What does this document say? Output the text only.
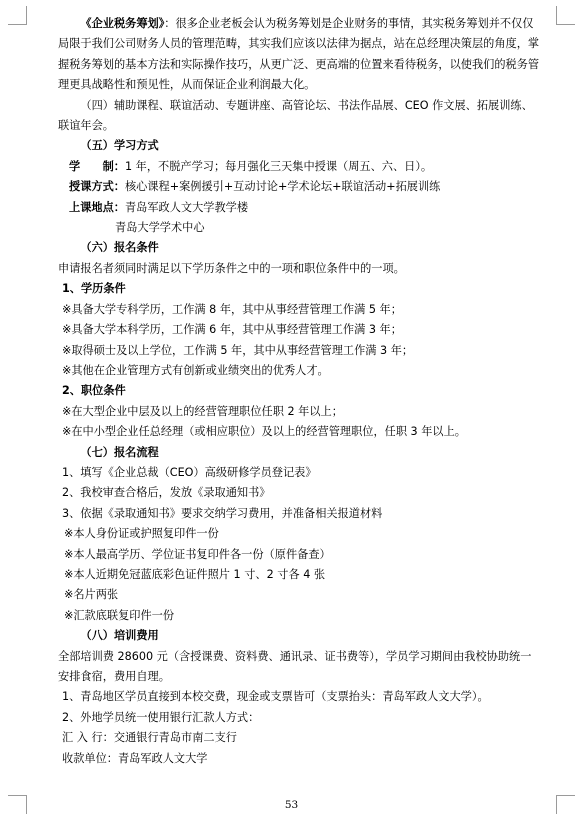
《企业税务筹划》：很多企业老板会认为税务筹划是企业财务的事情，其实税务筹划并不仅仅局限于我们公司财务人员的管理范畴，其实我们应该以法律为据点，站在总经理决策层的角度，掌握税务筹划的基本方法和实际操作技巧，从更广泛、更高端的位置来看待税务，以使我们的税务管理更具战略性和预见性，从而保证企业利润最大化。

（四）辅助课程、联谊活动、专题讲座、高管论坛、书法作品展、CEO 作文展、拓展训练、联谊年会。

（五）学习方式

学　　制：1 年，不脱产学习；每月强化三天集中授课（周五、六、日）。

授课方式：核心课程+案例援引+互动讨论+学术论坛+联谊活动+拓展训练

上课地点：青岛军政人文大学教学楼

青岛大学学术中心

（六）报名条件

申请报名者须同时满足以下学历条件之中的一项和职位条件中的一项。

1、学历条件

※具备大学专科学历，工作满 8 年，其中从事经营管理工作满 5 年；

※具备大学本科学历，工作满 6 年，其中从事经营管理工作满 3 年；

※取得硕士及以上学位，工作满 5 年，其中从事经营管理工作满 3 年；

※其他在企业管理方式有创新或业绩突出的优秀人才。

2、职位条件

※在大型企业中层及以上的经营管理职位任职 2 年以上；

※在中小型企业任总经理（或相应职位）及以上的经营管理职位，任职 3 年以上。

（七）报名流程

1、填写《企业总裁（CEO）高级研修学员登记表》

2、我校审查合格后，发放《录取通知书》

3、依据《录取通知书》要求交纳学习费用，并准备相关报道材料

※本人身份证或护照复印件一份

※本人最高学历、学位证书复印件各一份（原件备查）

※本人近期免冠蓝底彩色证件照片 1 寸、2 寸各 4 张

※名片两张

※汇款底联复印件一份

（八）培训费用

全部培训费 28600 元（含授课费、资料费、通讯录、证书费等），学员学习期间由我校协助统一安排食宿，费用自理。

1、青岛地区学员直接到本校交费，现金或支票皆可（支票抬头：青岛军政人文大学）。

2、外地学员统一使用银行汇款人方式：

汇 入 行：交通银行青岛市南二支行

收款单位：青岛军政人文大学

53
